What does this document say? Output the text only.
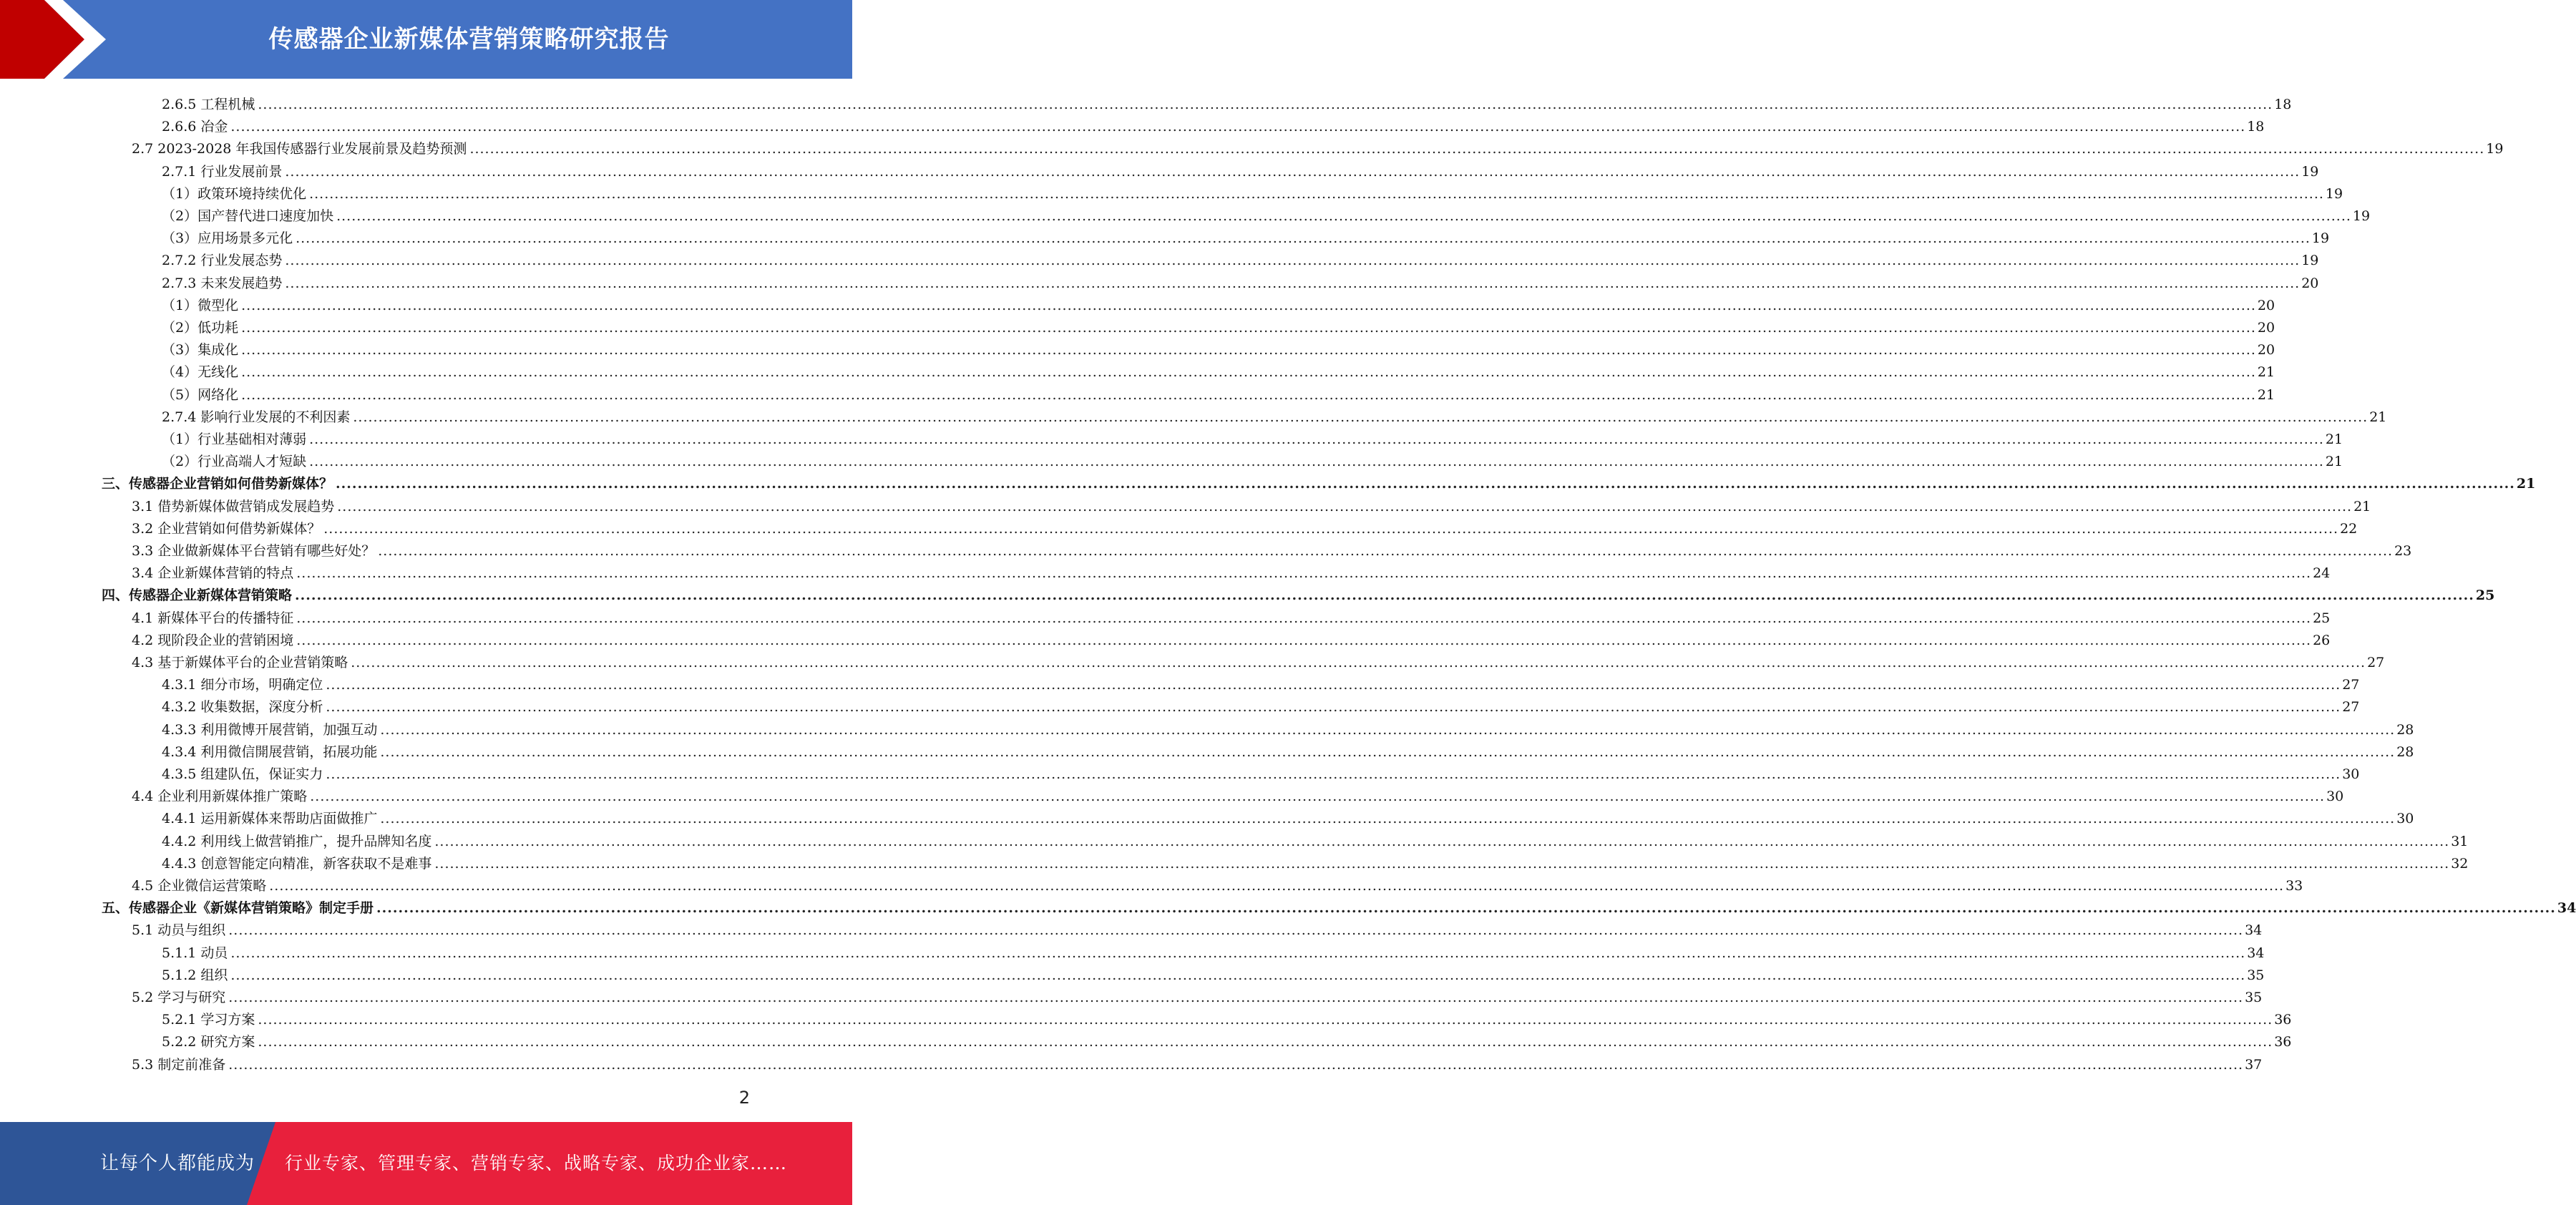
传感器企业新媒体营销策略研究报告
2.6.5 工程机械 ................................................................................................................................................................................................................................................................................................................................................................................................................ 18
2.6.6 冶金 ................................................................................................................................................................................................................................................................................................................................................................................................................ 18
2.7 2023-2028 年我国传感器行业发展前景及趋势预测 ................................................................................................................................................................................................................................................................................................................................................................................................................ 19
2.7.1 行业发展前景 ................................................................................................................................................................................................................................................................................................................................................................................................................ 19
（1）政策环境持续优化 ................................................................................................................................................................................................................................................................................................................................................................................................................ 19
（2）国产替代进口速度加快 ................................................................................................................................................................................................................................................................................................................................................................................................................ 19
（3）应用场景多元化 ................................................................................................................................................................................................................................................................................................................................................................................................................ 19
2.7.2 行业发展态势 ................................................................................................................................................................................................................................................................................................................................................................................................................ 19
2.7.3 未来发展趋势 ................................................................................................................................................................................................................................................................................................................................................................................................................ 20
（1）微型化 ................................................................................................................................................................................................................................................................................................................................................................................................................ 20
（2）低功耗 ................................................................................................................................................................................................................................................................................................................................................................................................................ 20
（3）集成化 ................................................................................................................................................................................................................................................................................................................................................................................................................ 20
（4）无线化 ................................................................................................................................................................................................................................................................................................................................................................................................................ 21
（5）网络化 ................................................................................................................................................................................................................................................................................................................................................................................................................ 21
2.7.4 影响行业发展的不利因素 ................................................................................................................................................................................................................................................................................................................................................................................................................ 21
（1）行业基础相对薄弱 ................................................................................................................................................................................................................................................................................................................................................................................................................ 21
（2）行业高端人才短缺 ................................................................................................................................................................................................................................................................................................................................................................................................................ 21
三、传感器企业营销如何借势新媒体？ ................................................................................................................................................................................................................................................................................................................................................................................................................ 21
3.1 借势新媒体做营销成发展趋势 ................................................................................................................................................................................................................................................................................................................................................................................................................ 21
3.2 企业营销如何借势新媒体？ ................................................................................................................................................................................................................................................................................................................................................................................................................ 22
3.3 企业做新媒体平台营销有哪些好处？ ................................................................................................................................................................................................................................................................................................................................................................................................................ 23
3.4 企业新媒体营销的特点 ................................................................................................................................................................................................................................................................................................................................................................................................................ 24
四、传感器企业新媒体营销策略 ................................................................................................................................................................................................................................................................................................................................................................................................................ 25
4.1 新媒体平台的传播特征 ................................................................................................................................................................................................................................................................................................................................................................................................................ 25
4.2 现阶段企业的营销困境 ................................................................................................................................................................................................................................................................................................................................................................................................................ 26
4.3 基于新媒体平台的企业营销策略 ................................................................................................................................................................................................................................................................................................................................................................................................................ 27
4.3.1 细分市场，明确定位 ................................................................................................................................................................................................................................................................................................................................................................................................................ 27
4.3.2 收集数据，深度分析 ................................................................................................................................................................................................................................................................................................................................................................................................................ 27
4.3.3 利用微博开展营销，加强互动 ................................................................................................................................................................................................................................................................................................................................................................................................................ 28
4.3.4 利用微信開展营销，拓展功能 ................................................................................................................................................................................................................................................................................................................................................................................................................ 28
4.3.5 组建队伍，保证实力 ................................................................................................................................................................................................................................................................................................................................................................................................................ 30
4.4 企业利用新媒体推广策略 ................................................................................................................................................................................................................................................................................................................................................................................................................ 30
4.4.1 运用新媒体来帮助店面做推广 ................................................................................................................................................................................................................................................................................................................................................................................................................ 30
4.4.2 利用线上做营销推广，提升品牌知名度 ................................................................................................................................................................................................................................................................................................................................................................................................................ 31
4.4.3 创意智能定向精准，新客获取不是难事 ................................................................................................................................................................................................................................................................................................................................................................................................................ 32
4.5 企业微信运营策略 ................................................................................................................................................................................................................................................................................................................................................................................................................ 33
五、传感器企业《新媒体营销策略》制定手册 ................................................................................................................................................................................................................................................................................................................................................................................................................ 34
5.1 动员与组织 ................................................................................................................................................................................................................................................................................................................................................................................................................ 34
5.1.1 动员 ................................................................................................................................................................................................................................................................................................................................................................................................................ 34
5.1.2 组织 ................................................................................................................................................................................................................................................................................................................................................................................................................ 35
5.2 学习与研究 ................................................................................................................................................................................................................................................................................................................................................................................................................ 35
5.2.1 学习方案 ................................................................................................................................................................................................................................................................................................................................................................................................................ 36
5.2.2 研究方案 ................................................................................................................................................................................................................................................................................................................................................................................................................ 36
5.3 制定前准备 ................................................................................................................................................................................................................................................................................................................................................................................................................ 37
2
让每个人都能成为 行业专家、管理专家、营销专家、战略专家、成功企业家……
